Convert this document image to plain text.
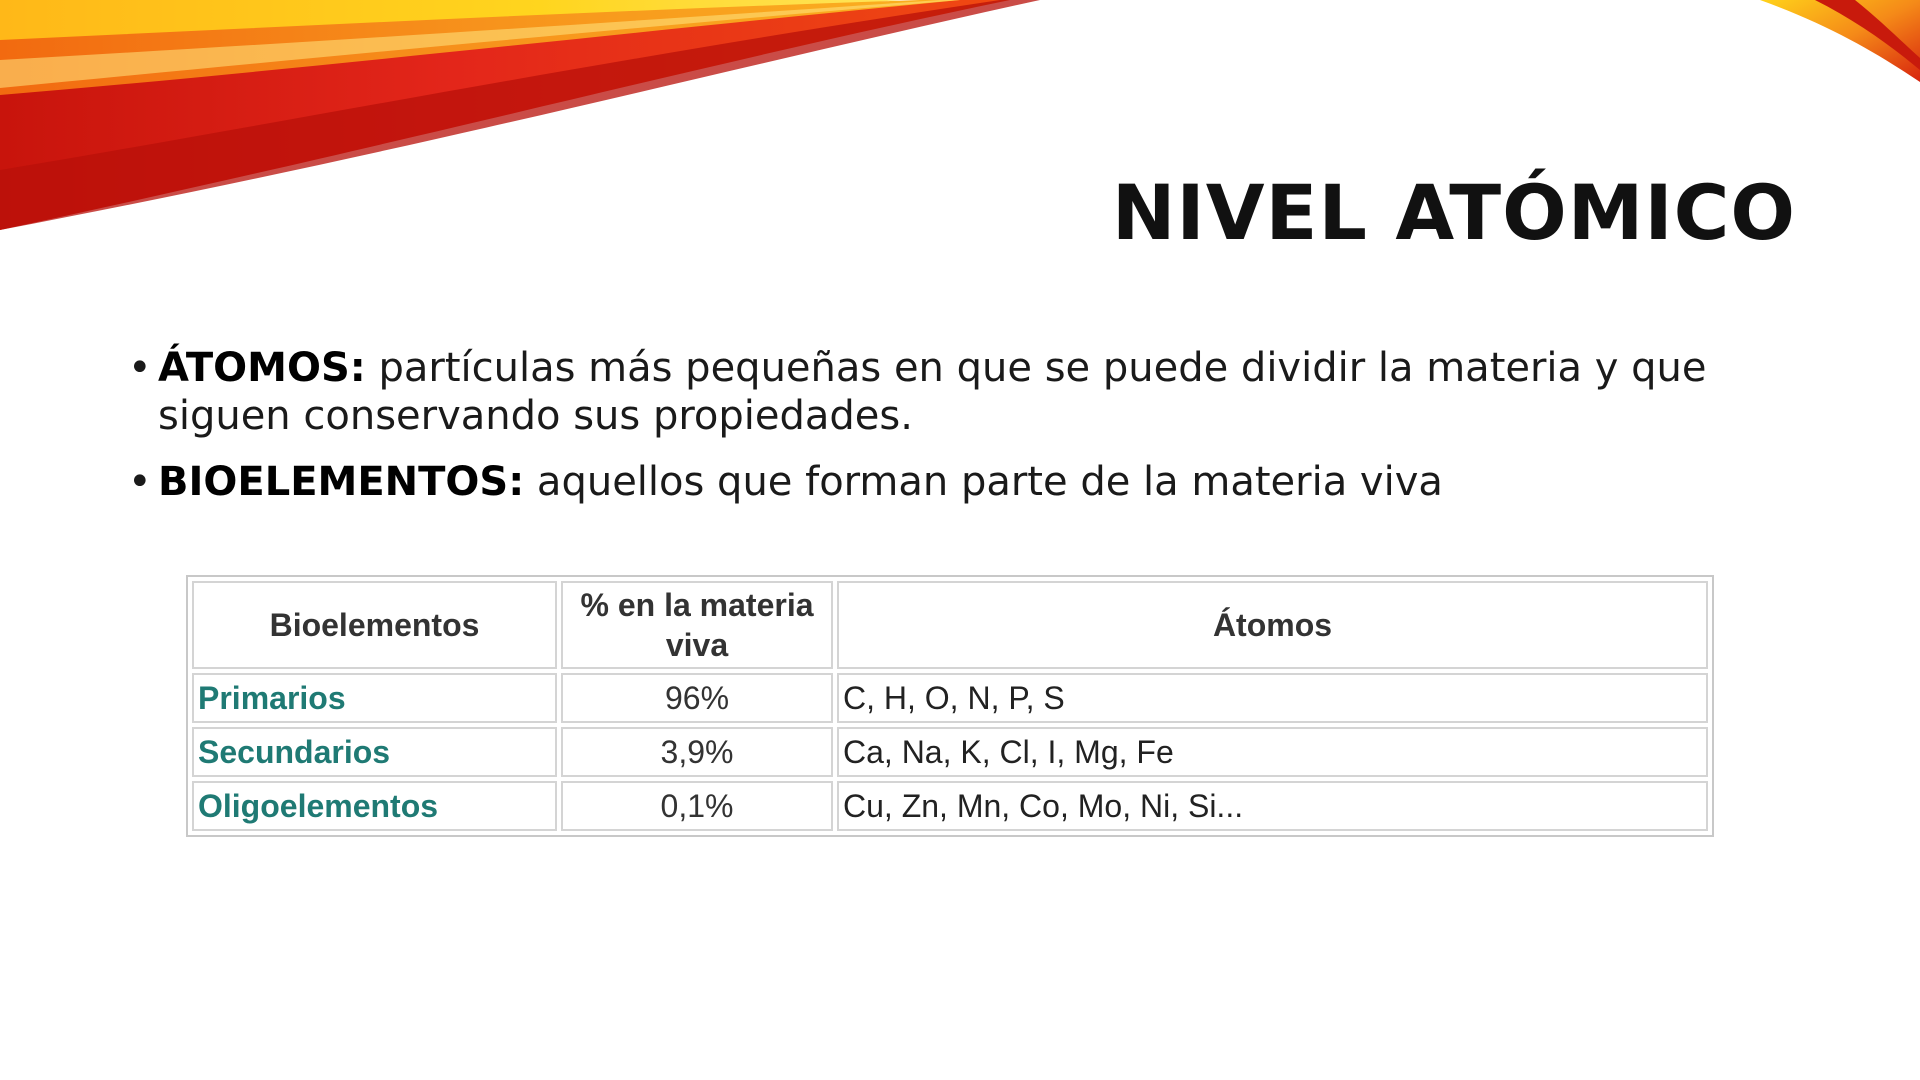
NIVEL ATÓMICO
• ÁTOMOS: partículas más pequeñas en que se puede dividir la materia y que siguen conservando sus propiedades.
• BIOELEMENTOS: aquellos que forman parte de la materia viva
Bioelementos	% en la materia viva	Átomos
Primarios	96%	C, H, O, N, P, S
Secundarios	3,9%	Ca, Na, K, Cl, I, Mg, Fe
Oligoelementos	0,1%	Cu, Zn, Mn, Co, Mo, Ni, Si...
